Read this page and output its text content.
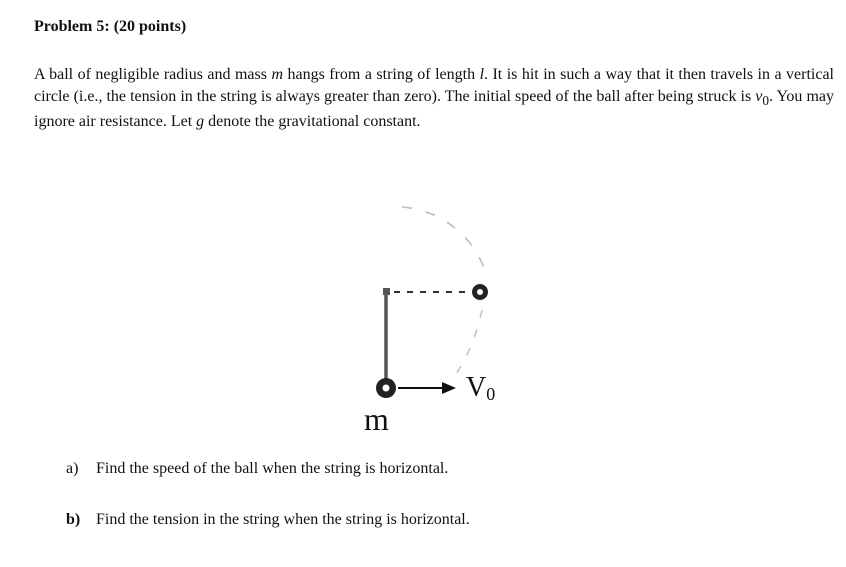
Problem 5: (20 points)

A ball of negligible radius and mass m hangs from a string of length l. It is hit in such a way that it then travels in a vertical circle (i.e., the tension in the string is always greater than zero). The initial speed of the ball after being struck is $v_0$. You may ignore air resistance. Let g denote the gravitational constant.

V0
m

a) Find the speed of the ball when the string is horizontal.

b) Find the tension in the string when the string is horizontal.
